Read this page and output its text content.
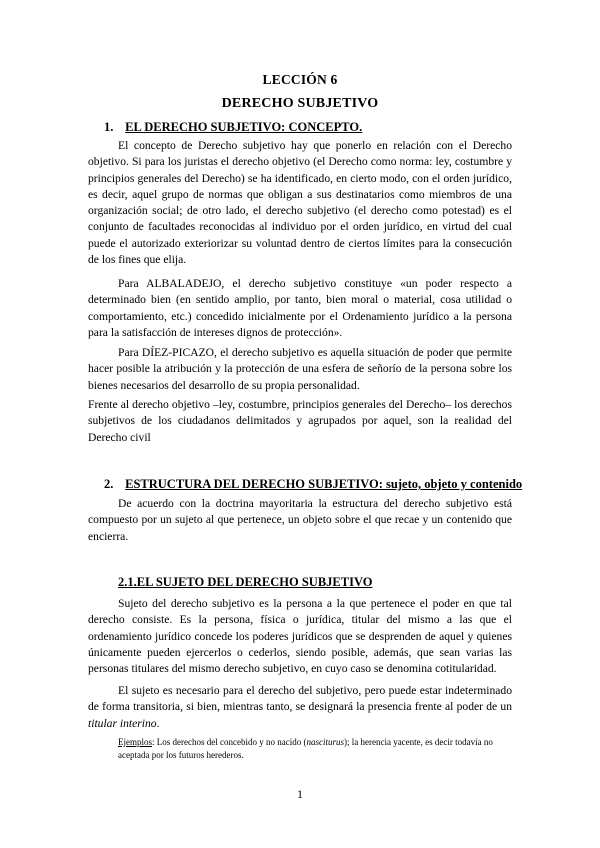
LECCIÓN 6
DERECHO SUBJETIVO
1. EL DERECHO SUBJETIVO: CONCEPTO.

El concepto de Derecho subjetivo hay que ponerlo en relación con el Derecho objetivo. Si para los juristas el derecho objetivo (el Derecho como norma: ley, costumbre y principios generales del Derecho) se ha identificado, en cierto modo, con el orden jurídico, es decir, aquel grupo de normas que obligan a sus destinatarios como miembros de una organización social; de otro lado, el derecho subjetivo (el derecho como potestad) es el conjunto de facultades reconocidas al individuo por el orden jurídico, en virtud del cual puede el autorizado exteriorizar su voluntad dentro de ciertos límites para la consecución de los fines que elija.

Para ALBALADEJO, el derecho subjetivo constituye «un poder respecto a determinado bien (en sentido amplio, por tanto, bien moral o material, cosa utilidad o comportamiento, etc.) concedido inicialmente por el Ordenamiento jurídico a la persona para la satisfacción de intereses dignos de protección».

Para DÍEZ-PICAZO, el derecho subjetivo es aquella situación de poder que permite hacer posible la atribución y la protección de una esfera de señorío de la persona sobre los bienes necesarios del desarrollo de su propia personalidad.

Frente al derecho objetivo –ley, costumbre, principios generales del Derecho– los derechos subjetivos de los ciudadanos delimitados y agrupados por aquel, son la realidad del Derecho civil

2. ESTRUCTURA DEL DERECHO SUBJETIVO: sujeto, objeto y contenido

De acuerdo con la doctrina mayoritaria la estructura del derecho subjetivo está compuesto por un sujeto al que pertenece, un objeto sobre el que recae y un contenido que encierra.

2.1.EL SUJETO DEL DERECHO SUBJETIVO

Sujeto del derecho subjetivo es la persona a la que pertenece el poder en que tal derecho consiste. Es la persona, física o jurídica, titular del mismo a las que el ordenamiento jurídico concede los poderes jurídicos que se desprenden de aquel y quienes únicamente pueden ejercerlos o cederlos, siendo posible, además, que sean varias las personas titulares del mismo derecho subjetivo, en cuyo caso se denomina cotitularidad.

El sujeto es necesario para el derecho del subjetivo, pero puede estar indeterminado de forma transitoria, si bien, mientras tanto, se designará la presencia frente al poder de un titular interino.

Ejemplos: Los derechos del concebido y no nacido (nasciturus); la herencia yacente, es decir todavía no aceptada por los futuros herederos.

1
